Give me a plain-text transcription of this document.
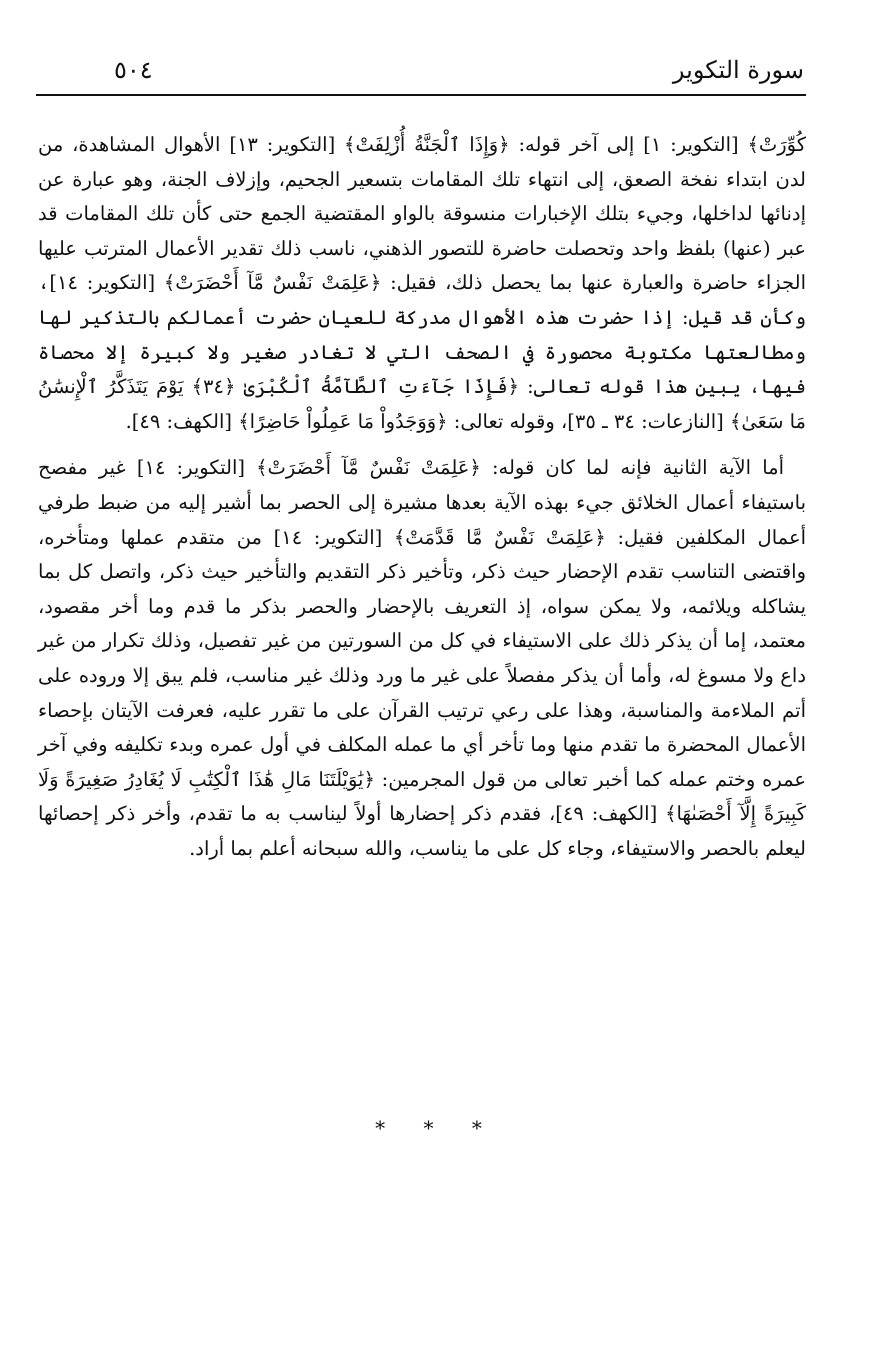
سورة التكوير
٥٠٤

كُوِّرَتْ﴾ [التكوير: ١] إلى آخر قوله: ﴿وَإِذَا ٱلْجَنَّةُ أُزْلِفَتْ﴾ [التكوير: ١٣] الأهوال المشاهدة، من لدن ابتداء نفخة الصعق، إلى انتهاء تلك المقامات بتسعير الجحيم، وإزلاف الجنة، وهو عبارة عن إدنائها لداخلها، وجيء بتلك الإخبارات منسوقة بالواو المقتضية الجمع حتى كأن تلك المقامات قد عبر (عنها) بلفظ واحد وتحصلت حاضرة للتصور الذهني، ناسب ذلك تقدير الأعمال المترتب عليها الجزاء حاضرة والعبارة عنها بما يحصل ذلك، فقيل: ﴿عَلِمَتْ نَفْسٌ مَّآ أَحْضَرَتْ﴾ [التكوير: ١٤]، وكأن قد قيل: إذا حضرت هذه الأهوال مدركة للعيان حضرت أعمالكم بالتذكير لها ومطالعتها مكتوبة محصورة في الصحف التي لا تغادر صغير ولا كبيرة إلا محصاة فيها، يبين هذا قوله تعالى: ﴿فَإِذَا جَآءَتِ ٱلطَّآمَّةُ ٱلْكُبْرَىٰ ﴿٣٤﴾ يَوْمَ يَتَذَكَّرُ ٱلْإِنسَٰنُ مَا سَعَىٰ﴾ [النازعات: ٣٤ ـ ٣٥]، وقوله تعالى: ﴿وَوَجَدُواْ مَا عَمِلُواْ حَاضِرًا﴾ [الكهف: ٤٩].

أما الآية الثانية فإنه لما كان قوله: ﴿عَلِمَتْ نَفْسٌ مَّآ أَحْضَرَتْ﴾ [التكوير: ١٤] غير مفصح باستيفاء أعمال الخلائق جيء بهذه الآية بعدها مشيرة إلى الحصر بما أشير إليه من ضبط طرفي أعمال المكلفين فقيل: ﴿عَلِمَتْ نَفْسٌ مَّا قَدَّمَتْ﴾ [التكوير: ١٤] من متقدم عملها ومتأخره، واقتضى التناسب تقدم الإحضار حيث ذكر، وتأخير ذكر التقديم والتأخير حيث ذكر، واتصل كل بما يشاكله ويلائمه، ولا يمكن سواه، إذ التعريف بالإحضار والحصر بذكر ما قدم وما أخر مقصود، معتمد، إما أن يذكر ذلك على الاستيفاء في كل من السورتين من غير تفصيل، وذلك تكرار من غير داع ولا مسوغ له، وأما أن يذكر مفصلاً على غير ما ورد وذلك غير مناسب، فلم يبق إلا وروده على أتم الملاءمة والمناسبة، وهذا على رعي ترتيب القرآن على ما تقرر عليه، فعرفت الآيتان بإحصاء الأعمال المحضرة ما تقدم منها وما تأخر أي ما عمله المكلف في أول عمره وبدء تكليفه وفي آخر عمره وختم عمله كما أخبر تعالى من قول المجرمين: ﴿يَٰوَيْلَتَنَا مَالِ هَٰذَا ٱلْكِتَٰبِ لَا يُغَادِرُ صَغِيرَةً وَلَا كَبِيرَةً إِلَّآ أَحْصَىٰهَا﴾ [الكهف: ٤٩]، فقدم ذكر إحضارها أولاً ليناسب به ما تقدم، وأخر ذكر إحصائها ليعلم بالحصر والاستيفاء، وجاء كل على ما يناسب، والله سبحانه أعلم بما أراد.

* * *
